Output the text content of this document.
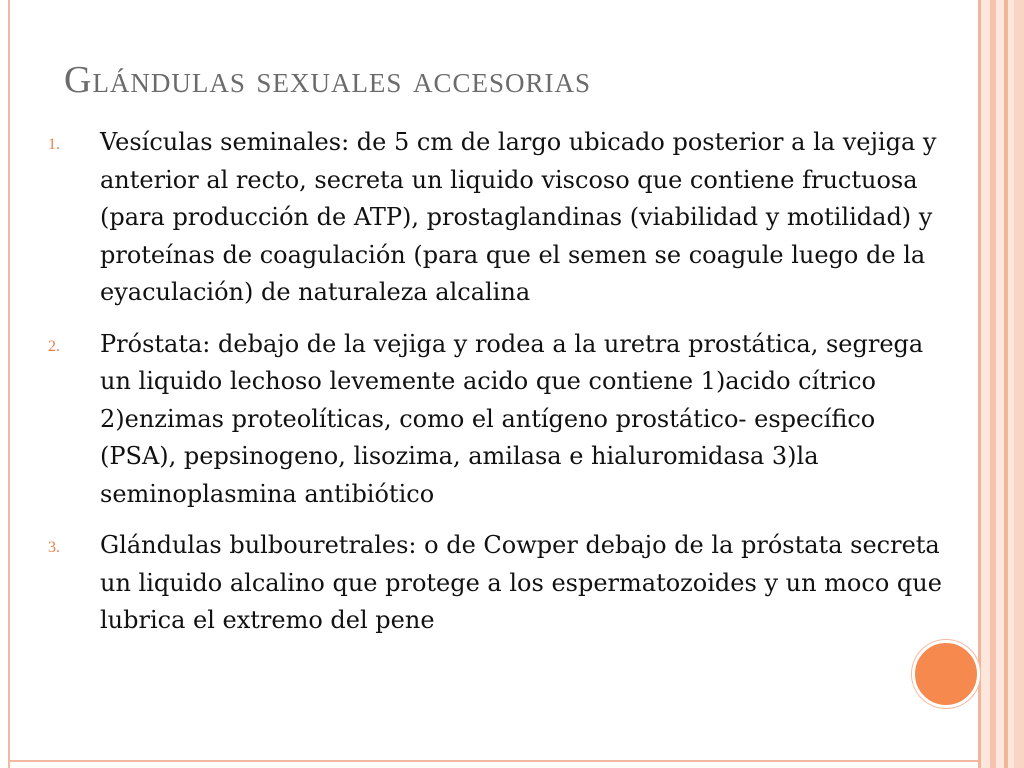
Glándulas sexuales accesorias
1. Vesículas seminales: de 5 cm de largo ubicado posterior a la vejiga y anterior al recto, secreta un liquido viscoso que contiene fructuosa (para producción de ATP), prostaglandinas (viabilidad y motilidad) y proteínas de coagulación (para que el semen se coagule luego de la eyaculación) de naturaleza alcalina
2. Próstata: debajo de la vejiga y rodea a la uretra prostática, segrega un liquido lechoso levemente acido que contiene 1)acido cítrico 2)enzimas proteolíticas, como el antígeno prostático- específico (PSA), pepsinogeno, lisozima, amilasa e hialuromidasa 3)la seminoplasmina antibiótico
3. Glándulas bulbouretrales: o de Cowper debajo de la próstata secreta un liquido alcalino que protege a los espermatozoides y un moco que lubrica el extremo del pene
